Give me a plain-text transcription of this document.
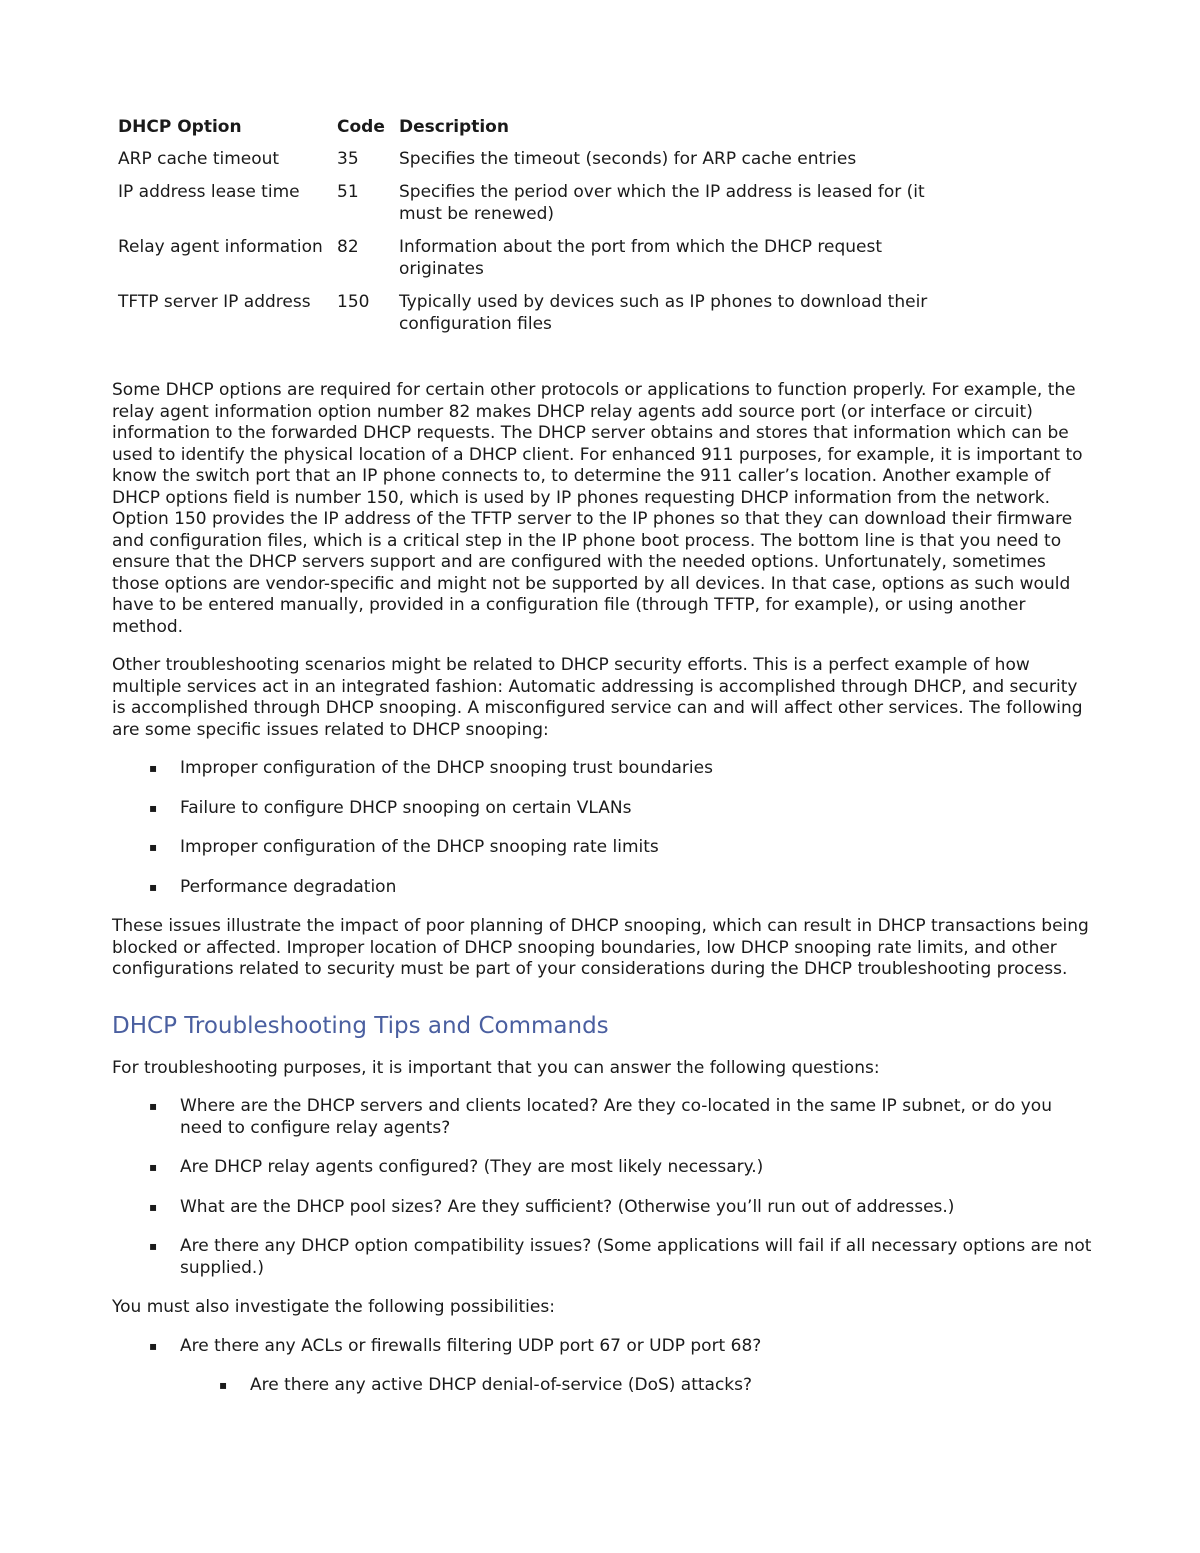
DHCP Option	Code	Description
ARP cache timeout	35	Specifies the timeout (seconds) for ARP cache entries
IP address lease time	51	Specifies the period over which the IP address is leased for (it must be renewed)
Relay agent information	82	Information about the port from which the DHCP request originates
TFTP server IP address	150	Typically used by devices such as IP phones to download their configuration files

Some DHCP options are required for certain other protocols or applications to function properly. For example, the relay agent information option number 82 makes DHCP relay agents add source port (or interface or circuit) information to the forwarded DHCP requests. The DHCP server obtains and stores that information which can be used to identify the physical location of a DHCP client. For enhanced 911 purposes, for example, it is important to know the switch port that an IP phone connects to, to determine the 911 caller’s location. Another example of DHCP options field is number 150, which is used by IP phones requesting DHCP information from the network. Option 150 provides the IP address of the TFTP server to the IP phones so that they can download their firmware and configuration files, which is a critical step in the IP phone boot process. The bottom line is that you need to ensure that the DHCP servers support and are configured with the needed options. Unfortunately, sometimes those options are vendor-specific and might not be supported by all devices. In that case, options as such would have to be entered manually, provided in a configuration file (through TFTP, for example), or using another method.

Other troubleshooting scenarios might be related to DHCP security efforts. This is a perfect example of how multiple services act in an integrated fashion: Automatic addressing is accomplished through DHCP, and security is accomplished through DHCP snooping. A misconfigured service can and will affect other services. The following are some specific issues related to DHCP snooping:

▪ Improper configuration of the DHCP snooping trust boundaries
▪ Failure to configure DHCP snooping on certain VLANs
▪ Improper configuration of the DHCP snooping rate limits
▪ Performance degradation

These issues illustrate the impact of poor planning of DHCP snooping, which can result in DHCP transactions being blocked or affected. Improper location of DHCP snooping boundaries, low DHCP snooping rate limits, and other configurations related to security must be part of your considerations during the DHCP troubleshooting process.

DHCP Troubleshooting Tips and Commands

For troubleshooting purposes, it is important that you can answer the following questions:

▪ Where are the DHCP servers and clients located? Are they co-located in the same IP subnet, or do you need to configure relay agents?
▪ Are DHCP relay agents configured? (They are most likely necessary.)
▪ What are the DHCP pool sizes? Are they sufficient? (Otherwise you’ll run out of addresses.)
▪ Are there any DHCP option compatibility issues? (Some applications will fail if all necessary options are not supplied.)

You must also investigate the following possibilities:

▪ Are there any ACLs or firewalls filtering UDP port 67 or UDP port 68?
▪ Are there any active DHCP denial-of-service (DoS) attacks?
